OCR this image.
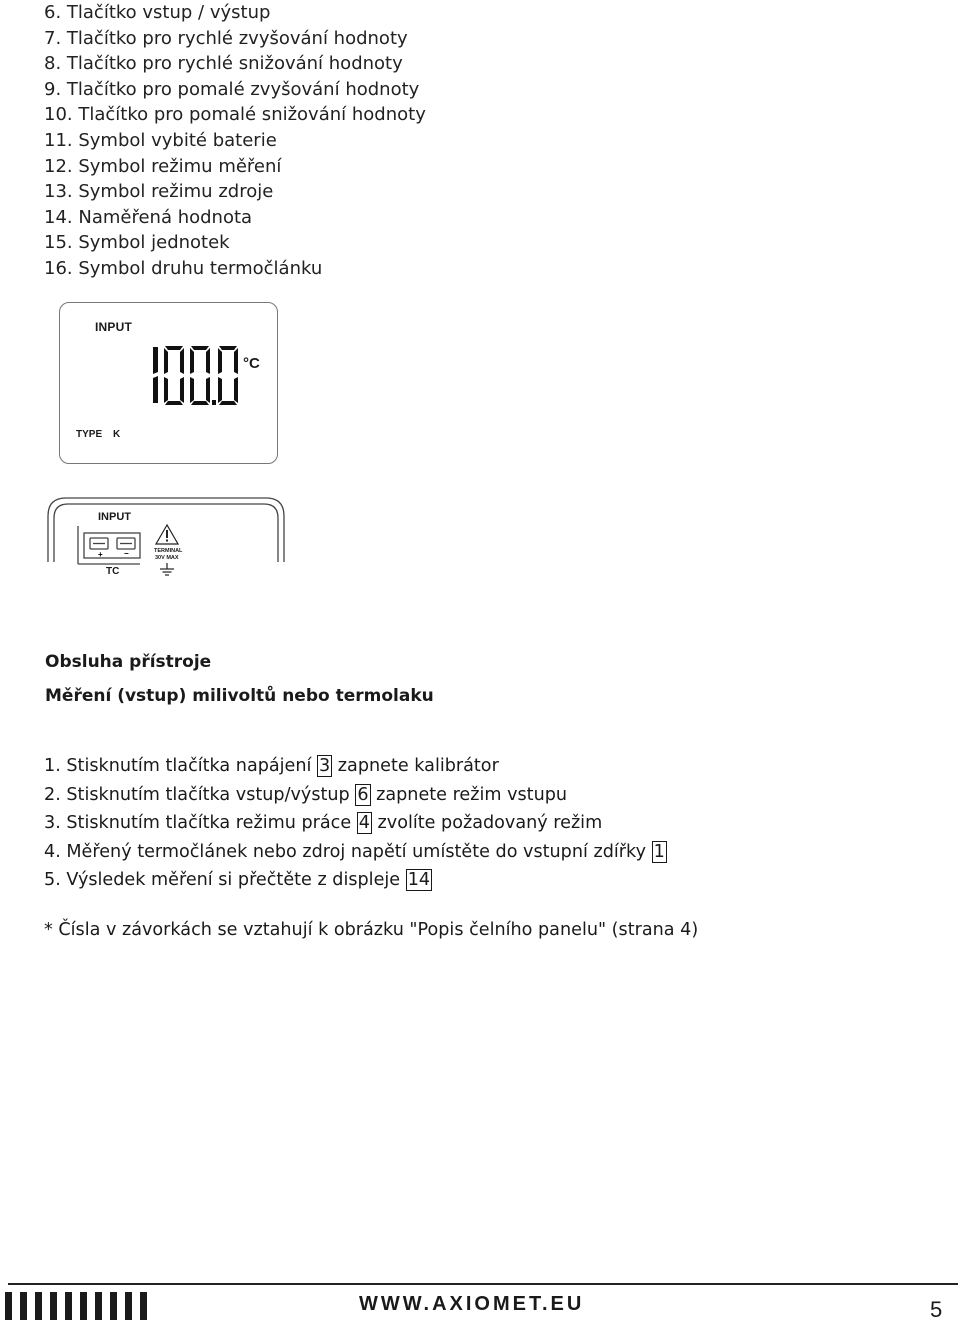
6. Tlačítko vstup / výstup
7. Tlačítko pro rychlé zvyšování hodnoty
8. Tlačítko pro rychlé snižování hodnoty
9. Tlačítko pro pomalé zvyšování hodnoty
10. Tlačítko pro pomalé snižování hodnoty
11. Symbol vybité baterie
12. Symbol režimu měření
13. Symbol režimu zdroje
14. Naměřená hodnota
15. Symbol jednotek
16. Symbol druhu termočlánku
INPUT
°C
TYPE K
+	−
INPUT
TC
TERMINAL
30V MAX
Obsluha přístroje
Měření (vstup) milivoltů nebo termolaku
1. Stisknutím tlačítka napájení 3 zapnete kalibrátor
2. Stisknutím tlačítka vstup/výstup 6 zapnete režim vstupu
3. Stisknutím tlačítka režimu práce 4 zvolíte požadovaný režim
4. Měřený termočlánek nebo zdroj napětí umístěte do vstupní zdířky 1
5. Výsledek měření si přečtěte z displeje 14
* Čísla v závorkách se vztahují k obrázku "Popis čelního panelu" (strana 4)
WWW.AXIOMET.EU	5
